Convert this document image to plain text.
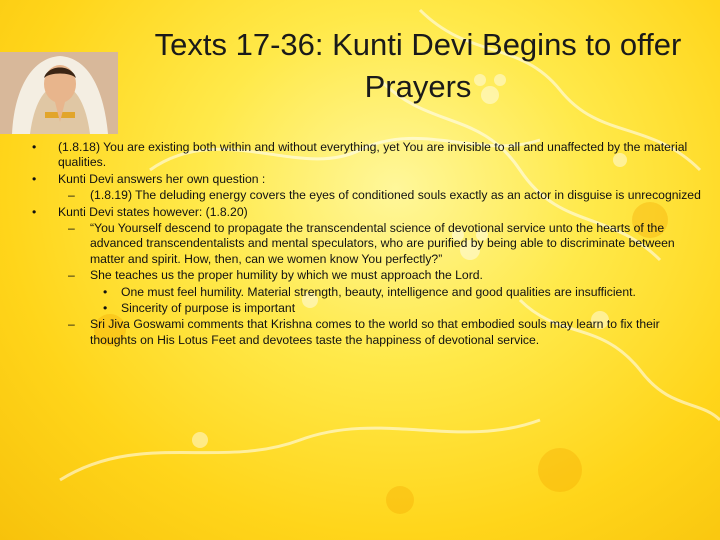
Texts 17-36: Kunti Devi Begins to offer Prayers
• (1.8.18) You are existing both within and without everything, yet You are invisible to all and unaffected by the material qualities.
• Kunti Devi answers her own question :
– (1.8.19) The deluding energy covers the eyes of conditioned souls exactly as an actor in disguise is unrecognized
• Kunti Devi states however: (1.8.20)
– “You Yourself descend to propagate the transcendental science of devotional service unto the hearts of the advanced transcendentalists and mental speculators, who are purified by being able to discriminate between matter and spirit. How, then, can we women know You perfectly?”
– She teaches us the proper humility by which we must approach the Lord.
• One must feel humility. Material strength, beauty, intelligence and good qualities are insufficient.
• Sincerity of purpose is important
– Sri Jiva Goswami comments that Krishna comes to the world so that embodied souls may learn to fix their thoughts on His Lotus Feet and devotees taste the happiness of devotional service.
